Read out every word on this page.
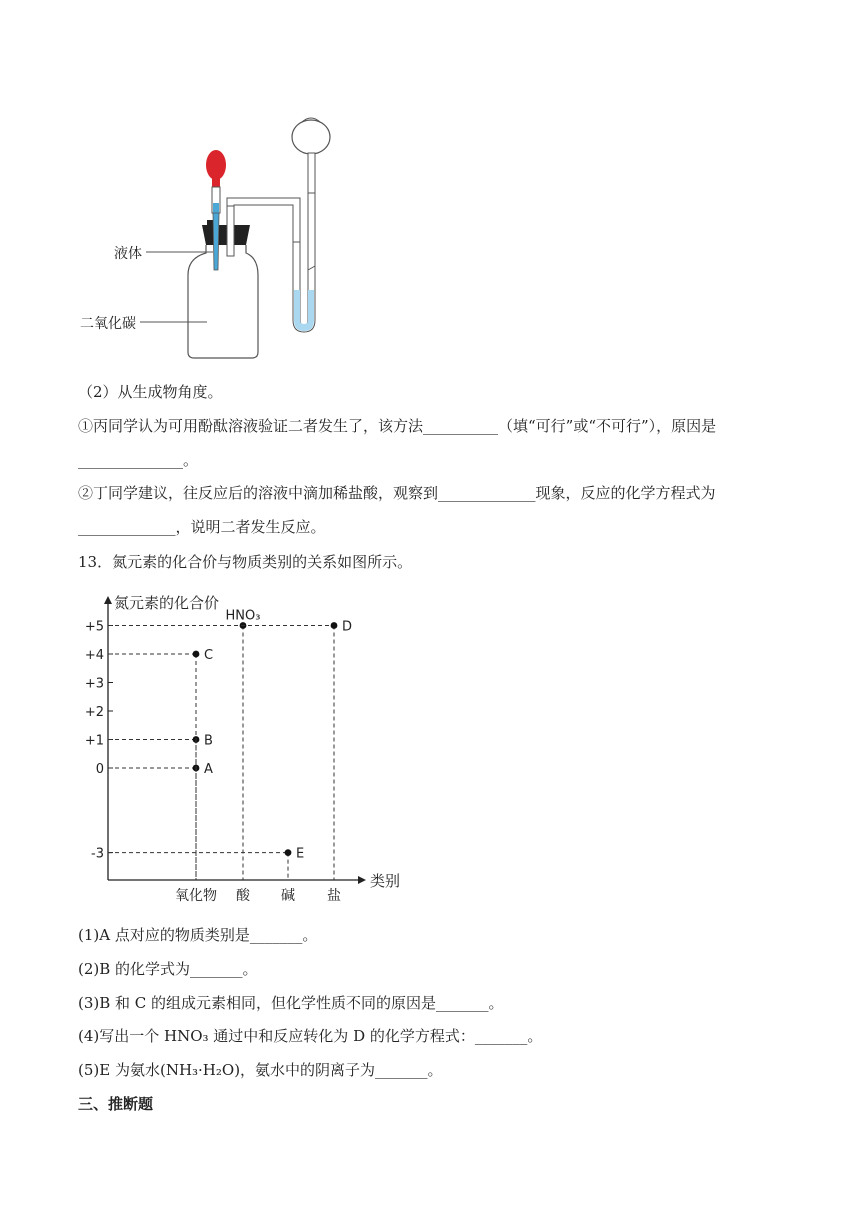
液体
二氧化碳
（2）从生成物角度。
①丙同学认为可用酚酞溶液验证二者发生了，该方法__________（填“可行”或“不可行”），原因是
______________。
②丁同学建议，往反应后的溶液中滴加稀盐酸，观察到_____________现象，反应的化学方程式为
_____________，说明二者发生反应。
13．氮元素的化合价与物质类别的关系如图所示。
氮元素的化合价
类别
+5
+4
+3
+2
+1
0
-3
氧化物 酸 碱 盐
A
B
C
HNO₃
D
E
(1)A 点对应的物质类别是_______。
(2)B 的化学式为_______。
(3)B 和 C 的组成元素相同，但化学性质不同的原因是_______。
(4)写出一个 HNO₃ 通过中和反应转化为 D 的化学方程式：_______。
(5)E 为氨水(NH₃·H₂O)，氨水中的阴离子为_______。
三、推断题
